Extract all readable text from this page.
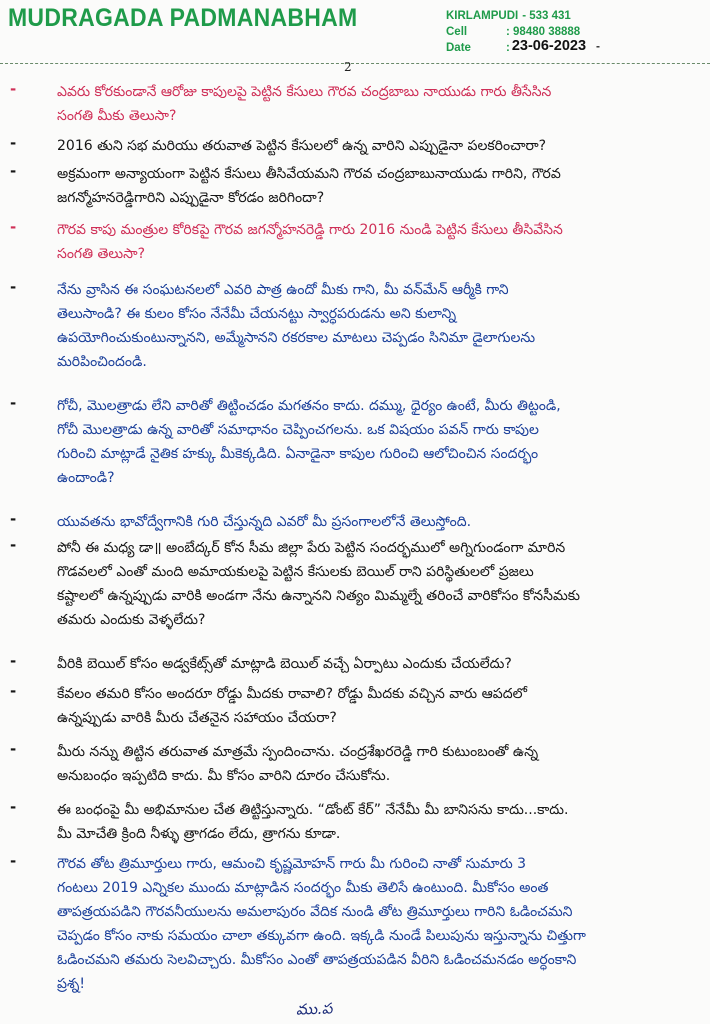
MUDRAGADA PADMANABHAM	KIRLAMPUDI - 533 431
Cell	: 98480 38888
Date	: 23-06-2023 -
2
-	ఎవరు కోరకుండానే ఆరోజు కాపులపై పెట్టిన కేసులు గౌరవ చంద్రబాబు నాయుడు గారు తీసేసిన
సంగతి మీకు తెలుసా?
-	2016 తుని సభ మరియు తరువాత పెట్టిన కేసులలో ఉన్న వారిని ఎప్పుడైనా పలకరించారా?
-	అక్రమంగా అన్యాయంగా పెట్టిన కేసులు తీసివేయమని గౌరవ చంద్రబాబునాయుడు గారిని, గౌరవ
జగన్మోహనరెడ్డిగారిని ఎప్పుడైనా కోరడం జరిగిందా?
-	గౌరవ కాపు మంత్రుల కోరికపై గౌరవ జగన్మోహనరెడ్డి గారు 2016 నుండి పెట్టిన కేసులు తీసివేసిన
సంగతి తెలుసా?
-	నేను వ్రాసిన ఈ సంఘటనలలో ఎవరి పాత్ర ఉందో మీకు గాని, మీ వన్‌మేన్ ఆర్మీకి గాని
తెలుసాండి? ఈ కులం కోసం నేనేమీ చేయనట్టు స్వార్ధపరుడను అని కులాన్ని
ఉపయోగించుకుంటున్నానని, అమ్మేసానని రకరకాల మాటలు చెప్పడం సినిమా డైలాగులను
మరిపించిందండి.
-	గోచీ, మొలత్రాడు లేని వారితో తిట్టించడం మగతనం కాదు. దమ్ము, ధైర్యం ఉంటే, మీరు తిట్టండి,
గోచీ మొలత్రాడు ఉన్న వారితో సమాధానం చెప్పించగలను. ఒక విషయం పవన్ గారు కాపుల
గురించి మాట్లాడే నైతిక హక్కు మీకెక్కడిది. ఏనాడైనా కాపుల గురించి ఆలోచించిన సందర్భం
ఉందాండి?
-	యువతను భావోద్వేగానికి గురి చేస్తున్నది ఎవరో మీ ప్రసంగాలలోనే తెలుస్తోంది.
-	పోనీ ఈ మధ్య డా॥ అంబేద్కర్ కోన సీమ జిల్లా పేరు పెట్టిన సందర్భములో అగ్నిగుండంగా మారిన
గొడవలలో ఎంతో మంది అమాయకులపై పెట్టిన కేసులకు బెయిల్ రాని పరిస్థితులలో ప్రజలు
కష్టాలలో ఉన్నప్పుడు వారికి అండగా నేను ఉన్నానని నిత్యం మిమ్మల్నే తరించే వారికోసం కోనసీమకు
తమరు ఎందుకు వెళ్ళలేదు?
-	వీరికి బెయిల్ కోసం అడ్వకేట్స్‌తో మాట్లాడి బెయిల్ వచ్చే ఏర్పాటు ఎందుకు చేయలేదు?
-	కేవలం తమరి కోసం అందరూ రోడ్డు మీదకు రావాలి? రోడ్డు మీదకు వచ్చిన వారు ఆపదలో
ఉన్నప్పుడు వారికి మీరు చేతనైన సహాయం చేయరా?
-	మీరు నన్ను తిట్టిన తరువాత మాత్రమే స్పందించాను. చంద్రశేఖరరెడ్డి గారి కుటుంబంతో ఉన్న
అనుబంధం ఇప్పటిది కాదు. మీ కోసం వారిని దూరం చేసుకోను.
-	ఈ బంధంపై మీ అభిమానుల చేత తిట్టిస్తున్నారు. “డోంట్ కేర్” నేనేమీ మీ బానిసను కాదు...కాదు.
మీ మోచేతి క్రింది నీళ్ళు త్రాగడం లేదు, త్రాగను కూడా.
-	గౌరవ తోట త్రిమూర్తులు గారు, ఆమంచి కృష్ణమోహన్ గారు మీ గురించి నాతో సుమారు 3
గంటలు 2019 ఎన్నికల ముందు మాట్లాడిన సందర్భం మీకు తెలిసే ఉంటుంది. మీకోసం అంత
తాపత్రయపడిని గౌరవనీయులను అమలాపురం వేదిక నుండి తోట త్రిమూర్తులు గారిని ఓడించమని
చెప్పడం కోసం నాకు సమయం చాలా తక్కువగా ఉంది. ఇక్కడి నుండే పిలుపును ఇస్తున్నాను చిత్తుగా
ఓడించమని తమరు సెలవిచ్చారు. మీకోసం ఎంతో తాపత్రయపడిన వీరిని ఓడించమనడం అర్ధంకాని
ప్రశ్న!
ము.ప
